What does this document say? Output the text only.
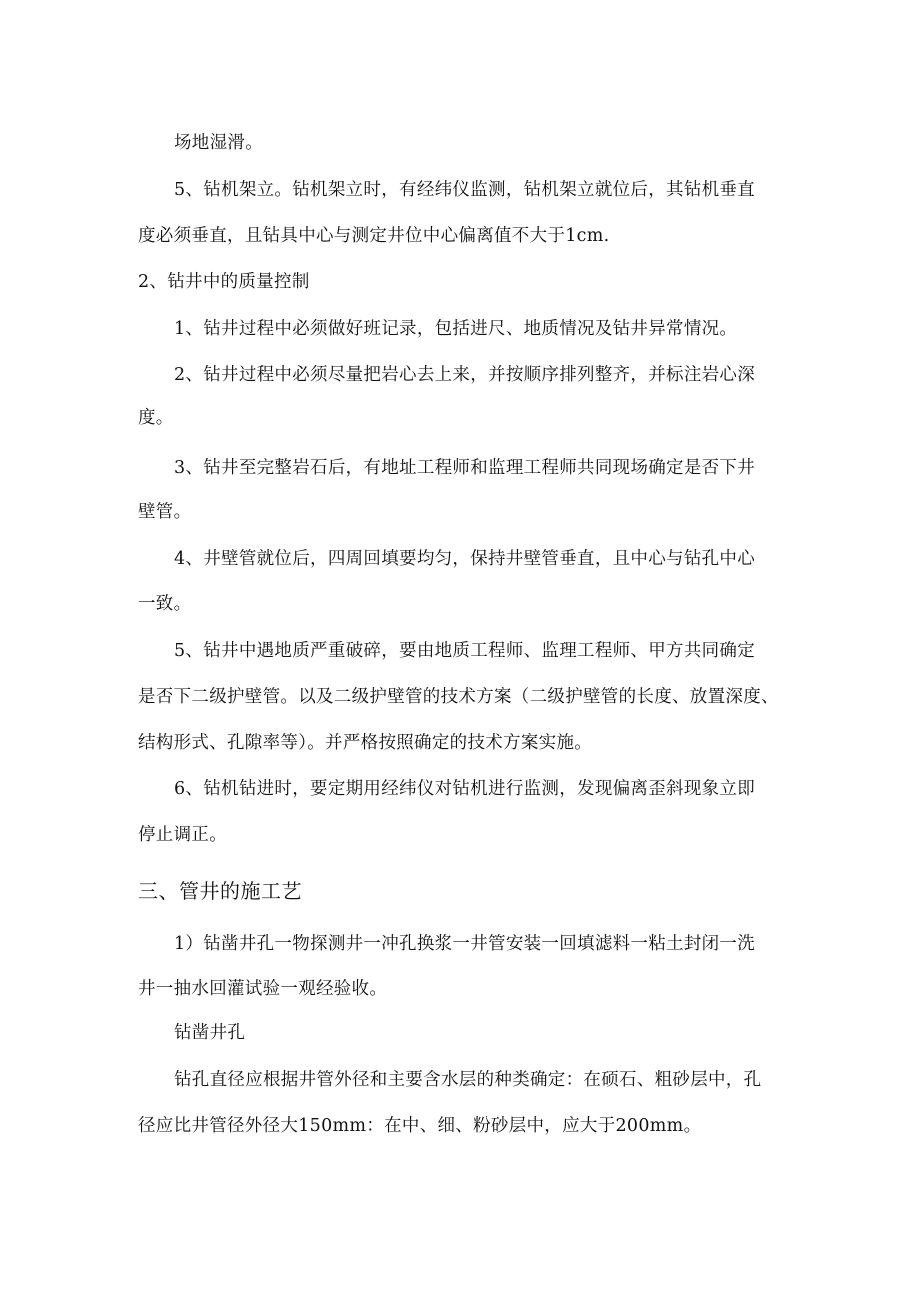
场地湿滑。
5、钻机架立。钻机架立时，有经纬仪监测，钻机架立就位后，其钻机垂直
度必须垂直，且钻具中心与测定井位中心偏离值不大于1cm.
2、钻井中的质量控制
1、钻井过程中必须做好班记录，包括进尺、地质情况及钻井异常情况。
2、钻井过程中必须尽量把岩心去上来，并按顺序排列整齐，并标注岩心深
度。
3、钻井至完整岩石后，有地址工程师和监理工程师共同现场确定是否下井
壁管。
4、井壁管就位后，四周回填要均匀，保持井壁管垂直，且中心与钻孔中心
一致。
5、钻井中遇地质严重破碎，要由地质工程师、监理工程师、甲方共同确定
是否下二级护壁管。以及二级护壁管的技术方案（二级护壁管的长度、放置深度、
结构形式、孔隙率等）。并严格按照确定的技术方案实施。
6、钻机钻进时，要定期用经纬仪对钻机进行监测，发现偏离歪斜现象立即
停止调正。
三、管井的施工艺
1）钻凿井孔一物探测井一冲孔换浆一井管安装一回填滤料一粘土封闭一洗
井一抽水回灌试验一观经验收。
钻凿井孔
钻孔直径应根据井管外径和主要含水层的种类确定：在硕石、粗砂层中，孔
径应比井管径外径大150mm：在中、细、粉砂层中，应大于200mm。
